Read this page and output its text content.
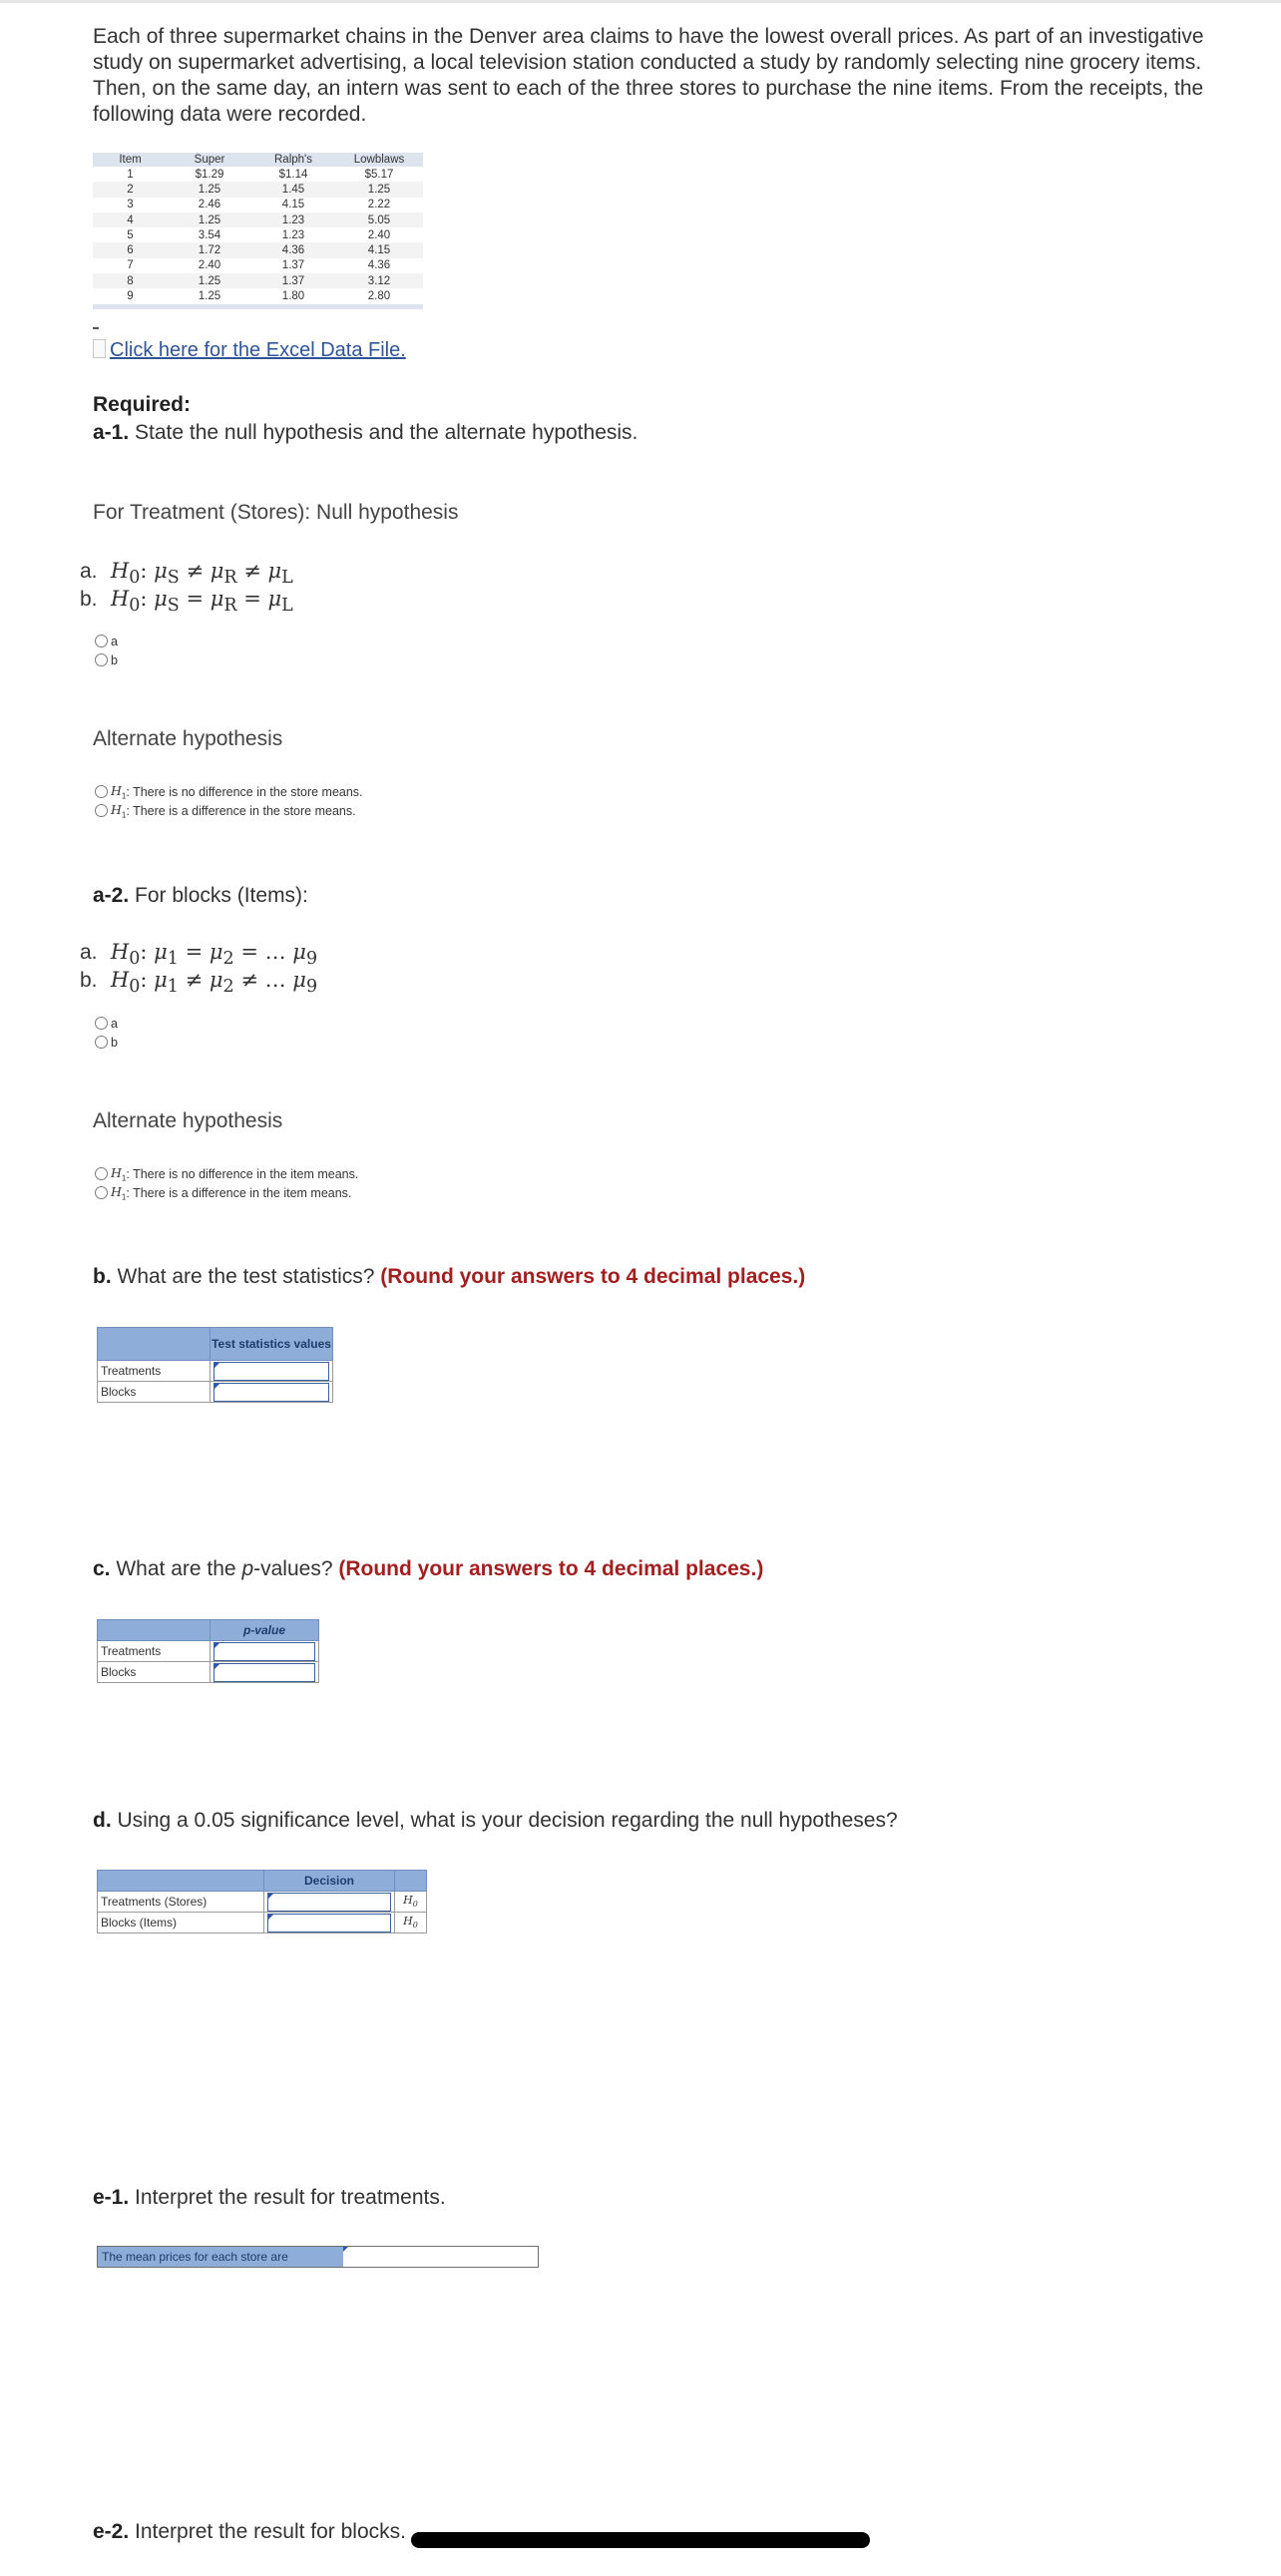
Each of three supermarket chains in the Denver area claims to have the lowest overall prices. As part of an investigative study on supermarket advertising, a local television station conducted a study by randomly selecting nine grocery items. Then, on the same day, an intern was sent to each of the three stores to purchase the nine items. From the receipts, the following data were recorded.
Item	Super	Ralph's	Lowblaws
1	$1.29	$1.14	$5.17
2	1.25	1.45	1.25
3	2.46	4.15	2.22
4	1.25	1.23	5.05
5	3.54	1.23	2.40
6	1.72	4.36	4.15
7	2.40	1.37	4.36
8	1.25	1.37	3.12
9	1.25	1.80	2.80
Click here for the Excel Data File.
Required:
a-1. State the null hypothesis and the alternate hypothesis.
For Treatment (Stores): Null hypothesis
a. $H_0$: $\mu_S \ne \mu_R \ne \mu_L$
b. $H_0$: $\mu_S = \mu_R = \mu_L$
a
b
Alternate hypothesis
$H_1$ : There is no difference in the store means.
$H_1$ : There is a difference in the store means.
a-2. For blocks (Items):
a. $H_0$: $\mu_1 = \mu_2$ = … $\mu_9$
b. $H_0$: $\mu_1 \ne \mu_2$ ≠ … $\mu_9$
a
b
Alternate hypothesis
$H_1$ : There is no difference in the item means.
$H_1$ : There is a difference in the item means.
b. What are the test statistics? (Round your answers to 4 decimal places.)
	Test statistics values
Treatments	

Blocks	
c. What are the p-values? (Round your answers to 4 decimal places.)
	p-value
Treatments	

Blocks	
d. Using a 0.05 significance level, what is your decision regarding the null hypotheses?
	Decision	
Treatments (Stores)		$H_0$
Blocks (Items)		$H_0$
e-1. Interpret the result for treatments.
The mean prices for each store are
e-2. Interpret the result for blocks.
